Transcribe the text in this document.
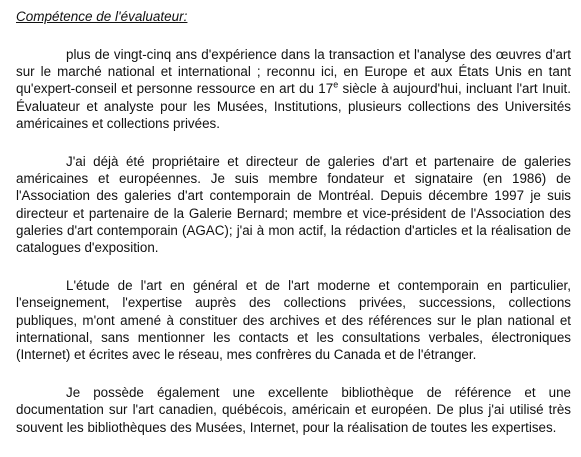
Compétence de l'évaluateur:

plus de vingt-cinq ans d'expérience dans la transaction et l'analyse des œuvres d'art sur le marché national et international ; reconnu ici, en Europe et aux États Unis en tant qu'expert-conseil et personne ressource en art du 17e siècle à aujourd'hui, incluant l'art Inuit. Évaluateur et analyste pour les Musées, Institutions, plusieurs collections des Universités américaines et collections privées.

J'ai déjà été propriétaire et directeur de galeries d'art et partenaire de galeries américaines et européennes. Je suis membre fondateur et signataire (en 1986) de l'Association des galeries d'art contemporain de Montréal. Depuis décembre 1997 je suis directeur et partenaire de la Galerie Bernard; membre et vice-président de l'Association des galeries d'art contemporain (AGAC); j'ai à mon actif, la rédaction d'articles et la réalisation de catalogues d'exposition.

L'étude de l'art en général et de l'art moderne et contemporain en particulier, l'enseignement, l'expertise auprès des collections privées, successions, collections publiques, m'ont amené à constituer des archives et des références sur le plan national et international, sans mentionner les contacts et les consultations verbales, électroniques (Internet) et écrites avec le réseau, mes confrères du Canada et de l'étranger.

Je possède également une excellente bibliothèque de référence et une documentation sur l'art canadien, québécois, américain et européen. De plus j'ai utilisé très souvent les bibliothèques des Musées, Internet, pour la réalisation de toutes les expertises.
